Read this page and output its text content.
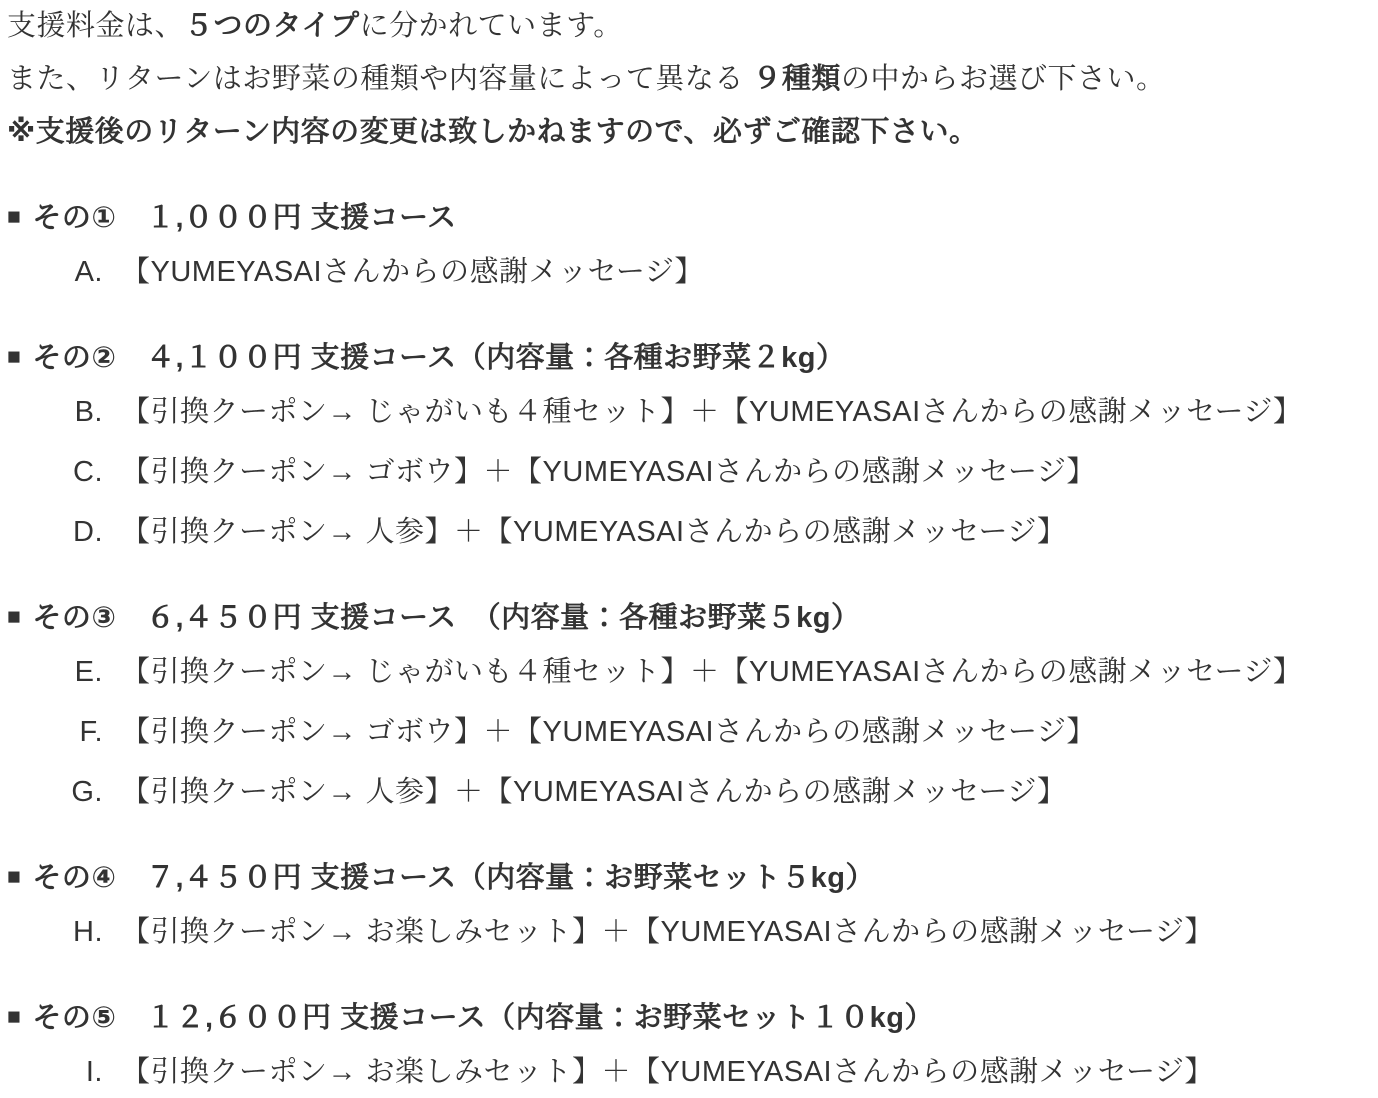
支援料金は、５つのタイプに分かれています。

また、リターンはお野菜の種類や内容量によって異なる ９種類の中からお選び下さい。

※支援後のリターン内容の変更は致しかねますので、必ずご確認下さい。

■ その①　１,０００円 支援コース
A. 【YUMEYASAIさんからの感謝メッセージ】
■ その②　４,１００円 支援コース（内容量：各種お野菜２kg）
B. 【引換クーポン→ じゃがいも４種セット】＋【YUMEYASAIさんからの感謝メッセージ】
C. 【引換クーポン→ ゴボウ】＋【YUMEYASAIさんからの感謝メッセージ】
D. 【引換クーポン→ 人参】＋【YUMEYASAIさんからの感謝メッセージ】
■ その③　６,４５０円 支援コース　（内容量：各種お野菜５kg）
E. 【引換クーポン→ じゃがいも４種セット】＋【YUMEYASAIさんからの感謝メッセージ】
F. 【引換クーポン→ ゴボウ】＋【YUMEYASAIさんからの感謝メッセージ】
G. 【引換クーポン→ 人参】＋【YUMEYASAIさんからの感謝メッセージ】
■ その④　７,４５０円 支援コース（内容量：お野菜セット５kg）
H. 【引換クーポン→ お楽しみセット】＋【YUMEYASAIさんからの感謝メッセージ】
■ その⑤　１２,６００円 支援コース（内容量：お野菜セット１０kg）
I. 【引換クーポン→ お楽しみセット】＋【YUMEYASAIさんからの感謝メッセージ】
